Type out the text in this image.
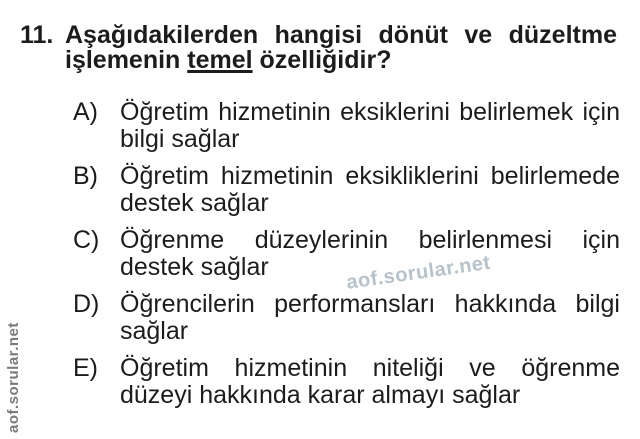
aof.sorular.net
aof.sorular.net
11. Aşağıdakilerden hangisi dönüt ve düzeltme
işlemenin temel özelliğidir?
A) Öğretim hizmetinin eksiklerini belirlemek için
bilgi sağlar
B) Öğretim hizmetinin eksikliklerini belirlemede
destek sağlar
C) Öğrenme düzeylerinin belirlenmesi için
destek sağlar
D) Öğrencilerin performansları hakkında bilgi
sağlar
E) Öğretim hizmetinin niteliği ve öğrenme
düzeyi hakkında karar almayı sağlar
